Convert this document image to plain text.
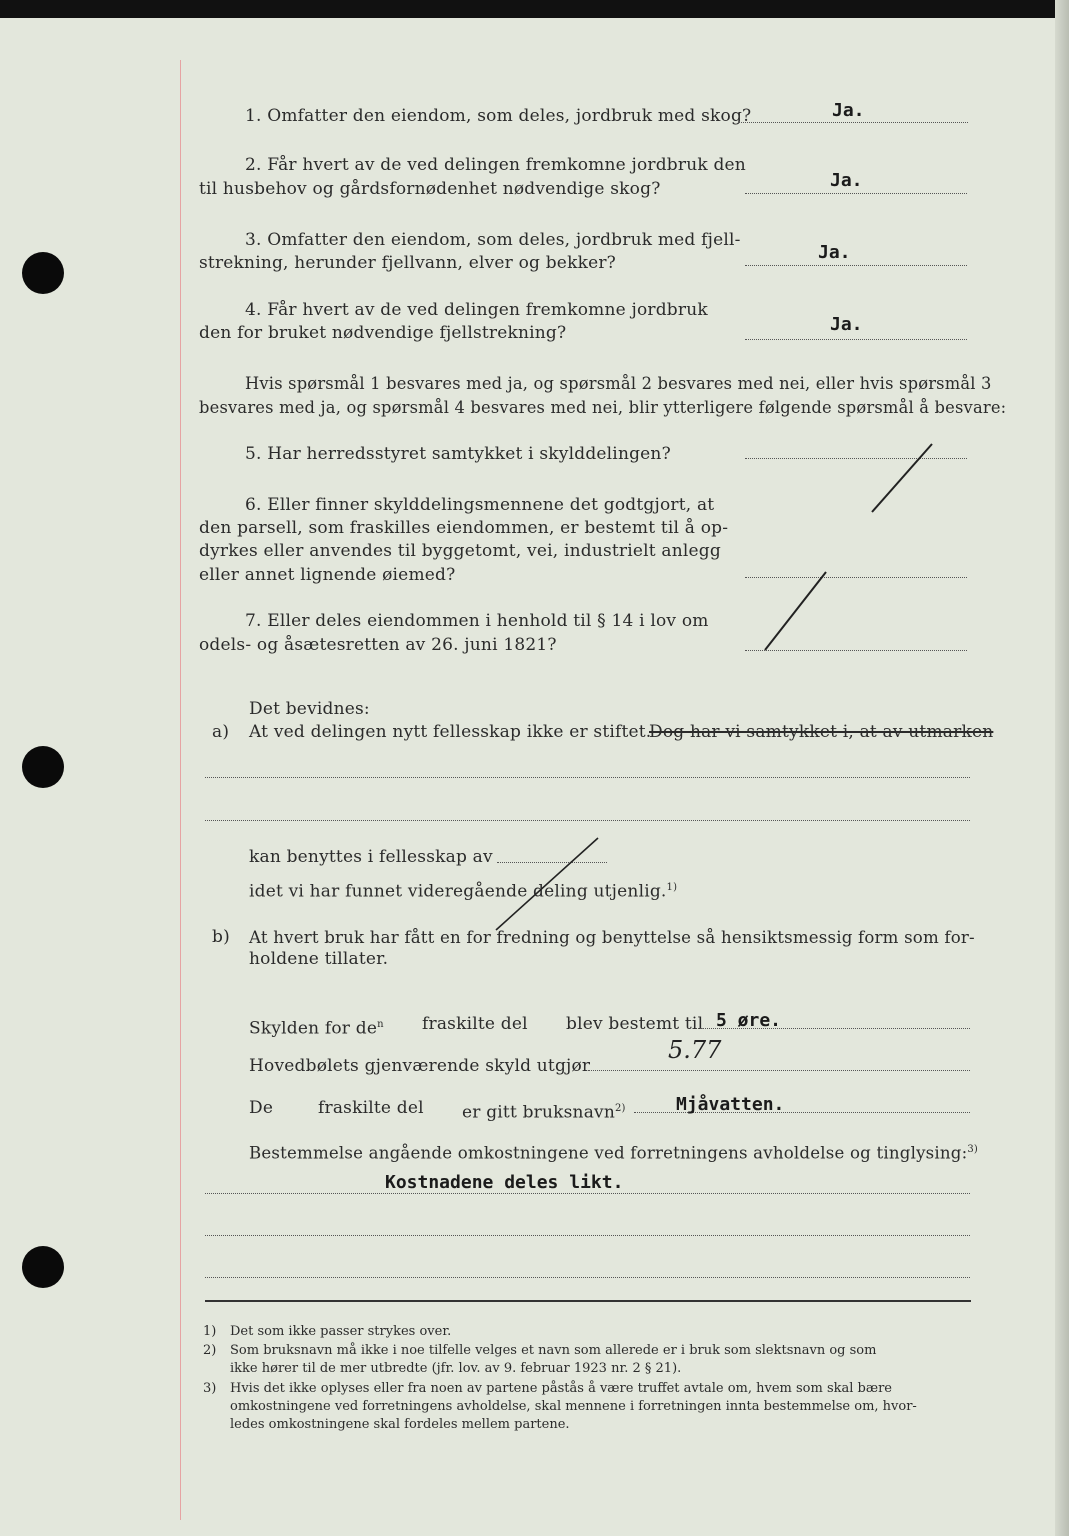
1. Omfatter den eiendom, som deles, jordbruk med skog?	Ja.
2. Får hvert av de ved delingen fremkomne jordbruk den
til husbehov og gårdsfornødenhet nødvendige skog?	Ja.
3. Omfatter den eiendom, som deles, jordbruk med fjell-
strekning, herunder fjellvann, elver og bekker?	Ja.
4. Får hvert av de ved delingen fremkomne jordbruk
den for bruket nødvendige fjellstrekning?	Ja.
Hvis spørsmål 1 besvares med ja, og spørsmål 2 besvares med nei, eller hvis spørsmål 3
besvares med ja, og spørsmål 4 besvares med nei, blir ytterligere følgende spørsmål å besvare:
5. Har herredsstyret samtykket i skylddelingen?
6. Eller finner skylddelingsmennene det godtgjort, at
den parsell, som fraskilles eiendommen, er bestemt til å op-
dyrkes eller anvendes til byggetomt, vei, industrielt anlegg
eller annet lignende øiemed?
7. Eller deles eiendommen i henhold til § 14 i lov om
odels- og åsætesretten av 26. juni 1821?
Det bevidnes:
a) At ved delingen nytt fellesskap ikke er stiftet.
Dog har vi samtykket i, at av utmarken
kan benyttes i fellesskap av
idet vi har funnet videregående deling utjenlig.$^{1)}$
b) At hvert bruk har fått en for fredning og benyttelse så hensiktsmessig form som for-
holdene tillater.
Skylden for $de^n$ fraskilte del blev bestemt til 5 øre.
Hovedbølets gjenværende skyld utgjør
5.77
De	fraskilte del er gitt bruksnavn$^{2)}$	Mjåvatten.
Bestemmelse angående omkostningene ved forretningens avholdelse og tinglysing:$^{3)}$
Kostnadene deles likt.
1) Det som ikke passer strykes over.
2) Som bruksnavn må ikke i noe tilfelle velges et navn som allerede er i bruk som slektsnavn og som
ikke hører til de mer utbredte (jfr. lov. av 9. februar 1923 nr. 2 § 21).
3) Hvis det ikke oplyses eller fra noen av partene påstås å være truffet avtale om, hvem som skal bære
omkostningene ved forretningens avholdelse, skal mennene i forretningen innta bestemmelse om, hvor-
ledes omkostningene skal fordeles mellem partene.
